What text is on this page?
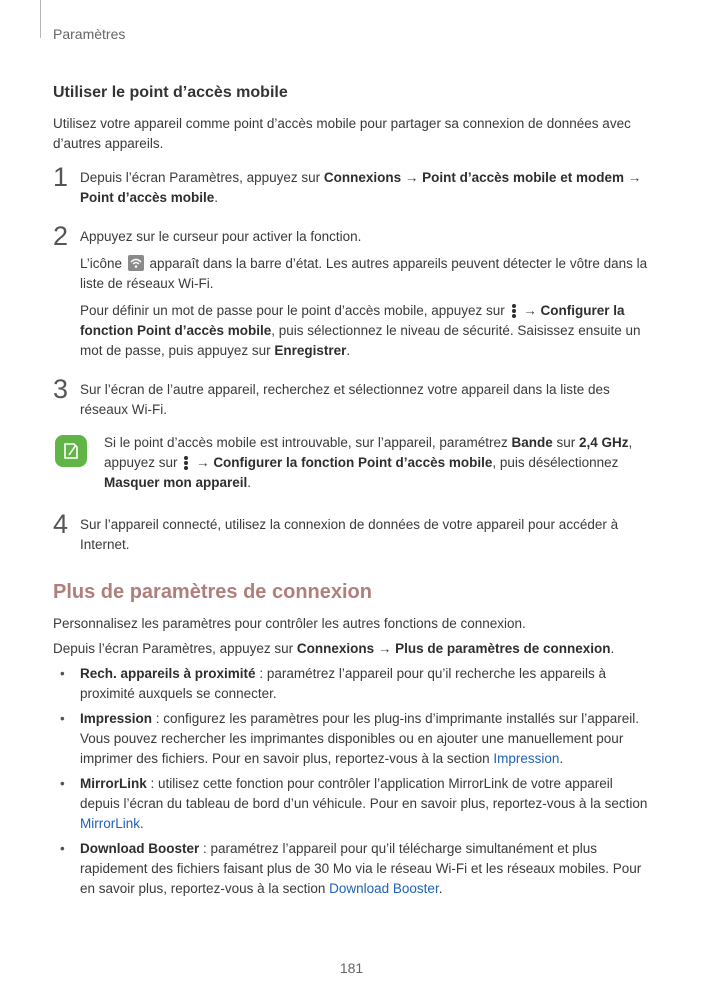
Paramètres
Utiliser le point d’accès mobile

Utilisez votre appareil comme point d’accès mobile pour partager sa connexion de données avec d’autres appareils.

1 Depuis l’écran Paramètres, appuyez sur Connexions → Point d’accès mobile et modem → Point d’accès mobile.

2 Appuyez sur le curseur pour activer la fonction.

L’icône
apparaît dans la barre d’état. Les autres appareils peuvent détecter le vôtre dans la liste de réseaux Wi-Fi.

Pour définir un mot de passe pour le point d’accès mobile, appuyez sur
→ Configurer la fonction Point d’accès mobile, puis sélectionnez le niveau de sécurité. Saisissez ensuite un mot de passe, puis appuyez sur Enregistrer.

3 Sur l’écran de l’autre appareil, recherchez et sélectionnez votre appareil dans la liste des réseaux Wi-Fi.

Si le point d’accès mobile est introuvable, sur l’appareil, paramétrez Bande sur 2,4 GHz, appuyez sur
→ Configurer la fonction Point d’accès mobile, puis désélectionnez Masquer mon appareil.

4 Sur l’appareil connecté, utilisez la connexion de données de votre appareil pour accéder à Internet.

Plus de paramètres de connexion

Personnalisez les paramètres pour contrôler les autres fonctions de connexion.

Depuis l’écran Paramètres, appuyez sur Connexions → Plus de paramètres de connexion.

• Rech. appareils à proximité : paramétrez l’appareil pour qu’il recherche les appareils à proximité auxquels se connecter.
• Impression : configurez les paramètres pour les plug-ins d’imprimante installés sur l’appareil. Vous pouvez rechercher les imprimantes disponibles ou en ajouter une manuellement pour imprimer des fichiers. Pour en savoir plus, reportez-vous à la section Impression.
• MirrorLink : utilisez cette fonction pour contrôler l’application MirrorLink de votre appareil depuis l’écran du tableau de bord d’un véhicule. Pour en savoir plus, reportez-vous à la section MirrorLink.
• Download Booster : paramétrez l’appareil pour qu’il télécharge simultanément et plus rapidement des fichiers faisant plus de 30 Mo via le réseau Wi-Fi et les réseaux mobiles. Pour en savoir plus, reportez-vous à la section Download Booster.
181
